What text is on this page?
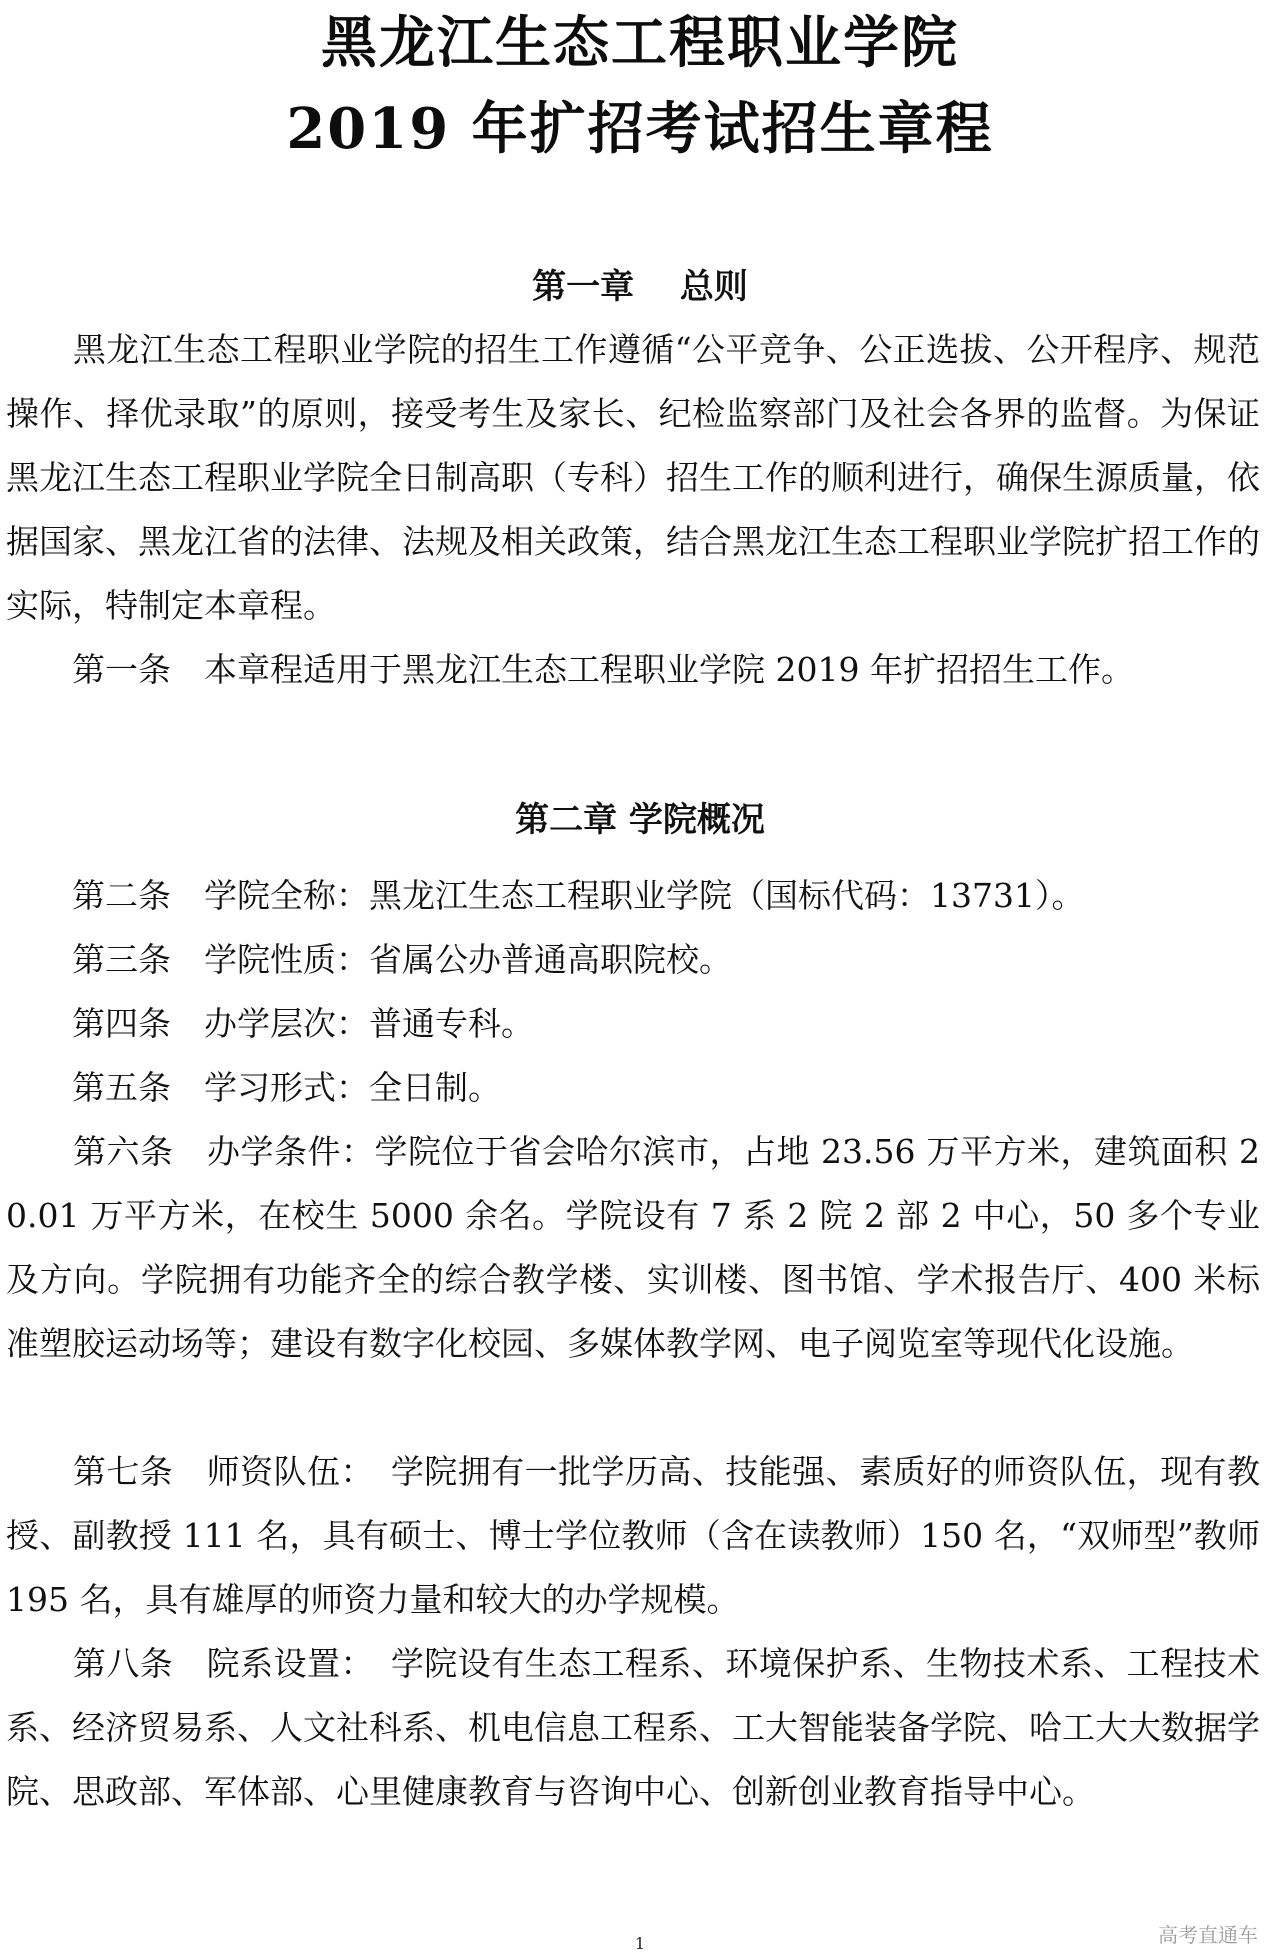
黑龙江生态工程职业学院
2019 年扩招考试招生章程
第一章　 总则
　　黑龙江生态工程职业学院的招生工作遵循“公平竞争、公正选拔、公开程序、规范操作、择优录取”的原则，接受考生及家长、纪检监察部门及社会各界的监督。为保证黑龙江生态工程职业学院全日制高职（专科）招生工作的顺利进行，确保生源质量，依据国家、黑龙江省的法律、法规及相关政策，结合黑龙江生态工程职业学院扩招工作的实际，特制定本章程。
　　第一条　本章程适用于黑龙江生态工程职业学院 2019 年扩招招生工作。
第二章 学院概况
　　第二条　学院全称：黑龙江生态工程职业学院（国标代码：13731）。
　　第三条　学院性质：省属公办普通高职院校。
　　第四条　办学层次：普通专科。
　　第五条　学习形式：全日制。
　　第六条　办学条件：学院位于省会哈尔滨市，占地 23.56 万平方米，建筑面积 20.01 万平方米，在校生 5000 余名。学院设有 7 系 2 院 2 部 2 中心，50 多个专业及方向。学院拥有功能齐全的综合教学楼、实训楼、图书馆、学术报告厅、400 米标准塑胶运动场等；建设有数字化校园、多媒体教学网、电子阅览室等现代化设施。
　　第七条　师资队伍：　学院拥有一批学历高、技能强、素质好的师资队伍，现有教授、副教授 111 名，具有硕士、博士学位教师（含在读教师）150 名，“双师型”教师 195 名，具有雄厚的师资力量和较大的办学规模。
　　第八条　院系设置：　学院设有生态工程系、环境保护系、生物技术系、工程技术系、经济贸易系、人文社科系、机电信息工程系、工大智能装备学院、哈工大大数据学院、思政部、军体部、心里健康教育与咨询中心、创新创业教育指导中心。
高考直通车
1
